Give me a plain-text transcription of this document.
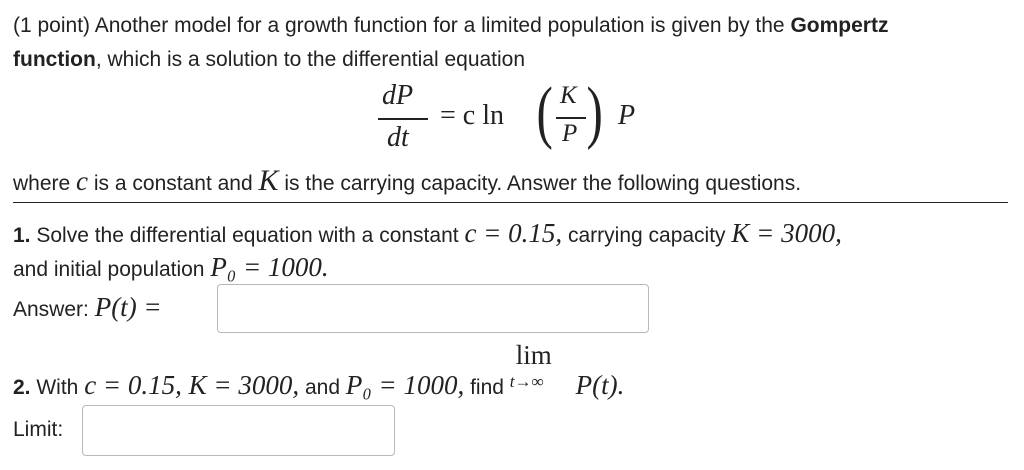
(1 point) Another model for a growth function for a limited population is given by the Gompertz
function, which is a solution to the differential equation
dP
dt
= c ln ( K
P ) P
where c is a constant and K is the carrying capacity. Answer the following questions.
1. Solve the differential equation with a constant c = 0.15, carrying capacity K = 3000,
and initial population P₀ = 1000.
Answer: P(t) =
2. With c = 0.15, K = 3000, and P₀ = 1000, find
lim
t→∞ P(t).
Limit:
